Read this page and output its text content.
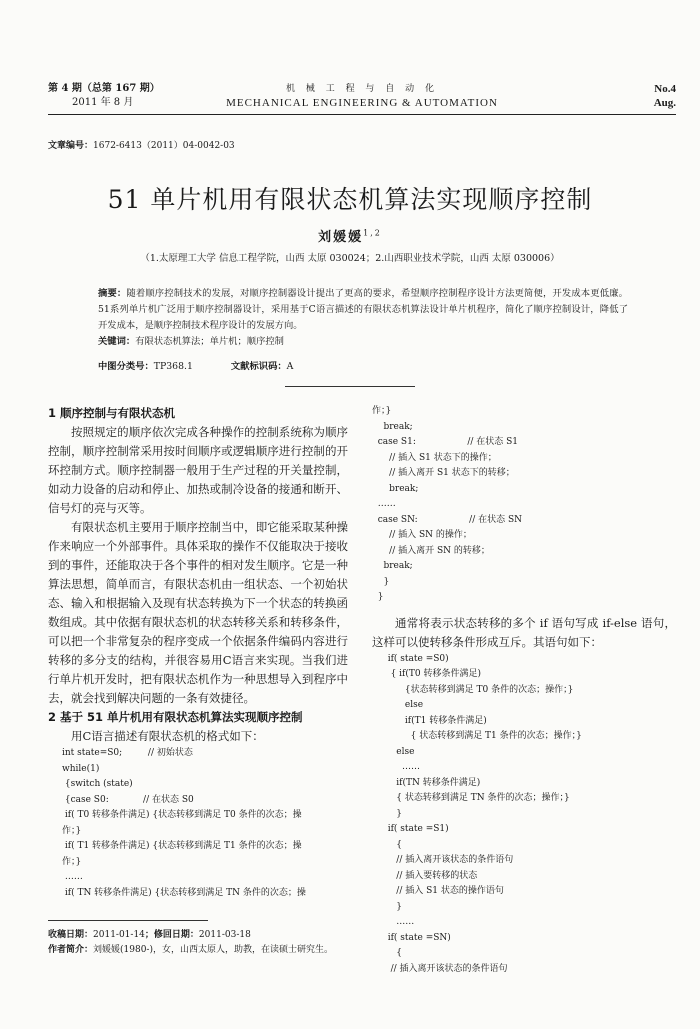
第 4 期（总第 167 期）
2011 年 8 月
机 械 工 程 与 自 动 化
MECHANICAL ENGINEERING & AUTOMATION
No.4
Aug.
文章编号：1672-6413（2011）04-0042-03
51 单片机用有限状态机算法实现顺序控制
刘媛媛$^{1,2}$
（1.太原理工大学 信息工程学院，山西 太原 030024；2.山西职业技术学院，山西 太原 030006）
摘要：随着顺序控制技术的发展，对顺序控制器设计提出了更高的要求，希望顺序控制程序设计方法更简便，开发成本更低廉。51系列单片机广泛用于顺序控制器设计，采用基于C语言描述的有限状态机算法设计单片机程序，简化了顺序控制设计，降低了开发成本，是顺序控制技术程序设计的发展方向。
关键词：有限状态机算法；单片机；顺序控制
中图分类号：TP368.1	文献标识码：A

1 顺序控制与有限状态机

按照规定的顺序依次完成各种操作的控制系统称为顺序控制，顺序控制常采用按时间顺序或逻辑顺序进行控制的开环控制方式。顺序控制器一般用于生产过程的开关量控制，如动力设备的启动和停止、加热或制冷设备的接通和断开、信号灯的亮与灭等。

有限状态机主要用于顺序控制当中，即它能采取某种操作来响应一个外部事件。具体采取的操作不仅能取决于接收到的事件，还能取决于各个事件的相对发生顺序。它是一种算法思想，简单而言，有限状态机由一组状态、一个初始状态、输入和根据输入及现有状态转换为下一个状态的转换函数组成。其中依据有限状态机的状态转移关系和转移条件，可以把一个非常复杂的程序变成一个依据条件编码内容进行转移的多分支的结构，并很容易用C语言来实现。当我们进行单片机开发时，把有限状态机作为一种思想导入到程序中去，就会找到解决问题的一条有效捷径。

2 基于 51 单片机用有限状态机算法实现顺序控制

用C语言描述有限状态机的格式如下：

int state=S0;         // 初始状态
while(1)
{switch (state)
{case S0:            // 在状态 S0
if( T0 转移条件满足) {状态转移到满足 T0 条件的次态；操
作；}
if( T1 转移条件满足) {状态转移到满足 T1 条件的次态；操
作；}
……
if( TN 转移条件满足) {状态转移到满足 TN 条件的次态；操

作；}
break;
case S1:                  // 在状态 S1
// 插入 S1 状态下的操作；
// 插入离开 S1 状态下的转移；
break;
……
case SN:                  // 在状态 SN
// 插入 SN 的操作；
// 插入离开 SN 的转移；
break;
}
}

通常将表示状态转移的多个 if 语句写成 if-else 语句，这样可以使转移条件形成互斥。其语句如下：

if( state =S0)
{ if(T0 转移条件满足)
{状态转移到满足 T0 条件的次态；操作；}
else
if(T1 转移条件满足)
{ 状态转移到满足 T1 条件的次态；操作；}
else
……
if(TN 转移条件满足)
{ 状态转移到满足 TN 条件的次态；操作；}
}
if( state =S1)
{
// 插入离开该状态的条件语句
// 插入要转移的状态
// 插入 S1 状态的操作语句
}
……
if( state =SN)
{
// 插入离开该状态的条件语句

收稿日期：2011-01-14；修回日期：2011-03-18
作者简介：刘媛媛(1980-)，女，山西太原人，助教，在读硕士研究生。
